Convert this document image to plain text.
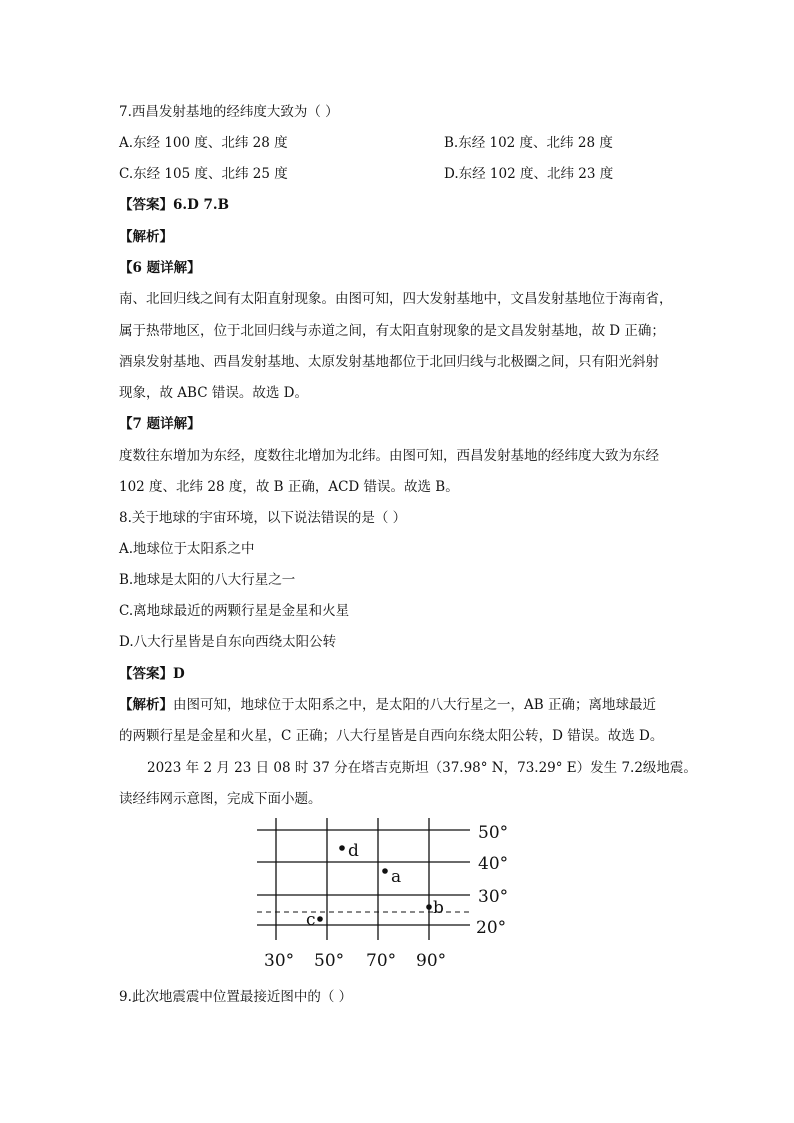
7.西昌发射基地的经纬度大致为（ ）
A.东经 100 度、北纬 28 度	B.东经 102 度、北纬 28 度
C.东经 105 度、北纬 25 度	D.东经 102 度、北纬 23 度
【答案】6.D 7.B
【解析】
【6 题详解】
南、北回归线之间有太阳直射现象。由图可知，四大发射基地中，文昌发射基地位于海南省，
属于热带地区，位于北回归线与赤道之间，有太阳直射现象的是文昌发射基地，故 D 正确；
酒泉发射基地、西昌发射基地、太原发射基地都位于北回归线与北极圈之间，只有阳光斜射
现象，故 ABC 错误。故选 D。
【7 题详解】
度数往东增加为东经，度数往北增加为北纬。由图可知，西昌发射基地的经纬度大致为东经
102 度、北纬 28 度，故 B 正确，ACD 错误。故选 B。
8.关于地球的宇宙环境，以下说法错误的是（ ）
A.地球位于太阳系之中
B.地球是太阳的八大行星之一
C.离地球最近的两颗行星是金星和火星
D.八大行星皆是自东向西绕太阳公转
【答案】D
【解析】由图可知，地球位于太阳系之中，是太阳的八大行星之一，AB 正确；离地球最近
的两颗行星是金星和火星，C 正确；八大行星皆是自西向东绕太阳公转，D 错误。故选 D。
2023 年 2 月 23 日 08 时 37 分在塔吉克斯坦（37.98° N，73.29° E）发生 7.2级地震。
读经纬网示意图，完成下面小题。
d
a
b
c
50°
40°
30°
20°
30° 50° 70° 90°
9.此次地震震中位置最接近图中的（ ）
